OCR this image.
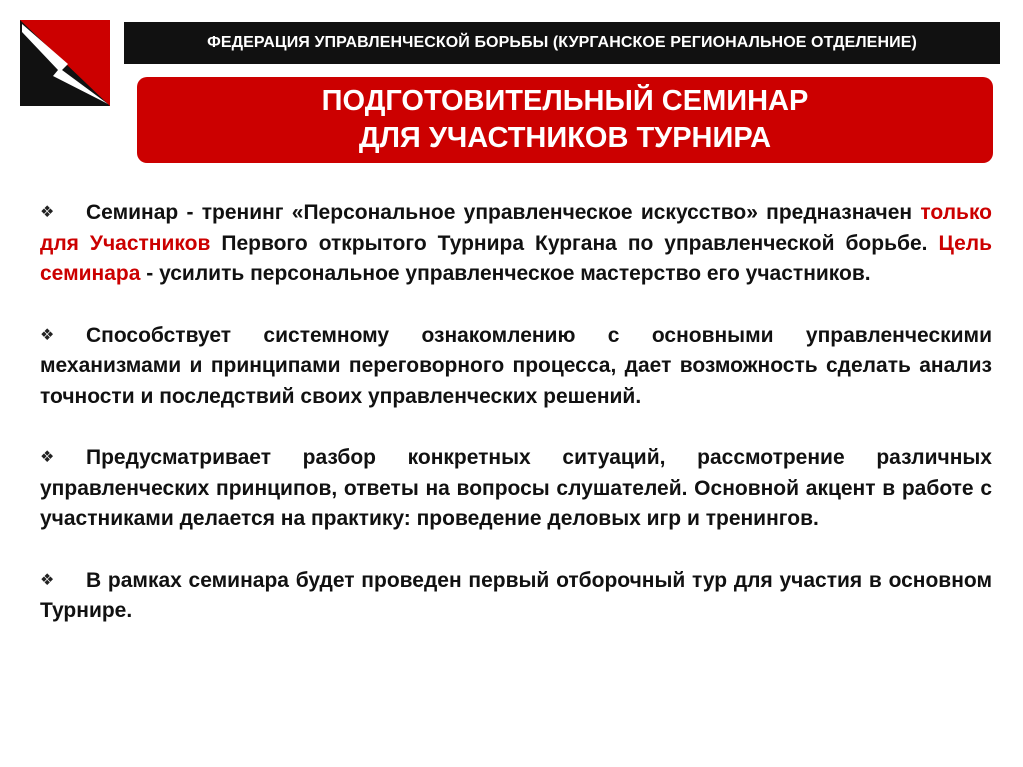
ФЕДЕРАЦИЯ УПРАВЛЕНЧЕСКОЙ БОРЬБЫ (КУРГАНСКОЕ РЕГИОНАЛЬНОЕ ОТДЕЛЕНИЕ)
ПОДГОТОВИТЕЛЬНЫЙ СЕМИНАР
ДЛЯ УЧАСТНИКОВ ТУРНИРА

❖ Семинар - тренинг «Персональное управленческое искусство» предназначен только для Участников Первого открытого Турнира Кургана по управленческой борьбе. Цель семинара - усилить персональное управленческое мастерство его участников.

❖ Способствует системному ознакомлению с основными управленческими механизмами и принципами переговорного процесса, дает возможность сделать анализ точности и последствий своих управленческих решений.

❖ Предусматривает разбор конкретных ситуаций, рассмотрение различных управленческих принципов, ответы на вопросы слушателей. Основной акцент в работе с участниками делается на практику: проведение деловых игр и тренингов.

❖ В рамках семинара будет проведен первый отборочный тур для участия в основном Турнире.
